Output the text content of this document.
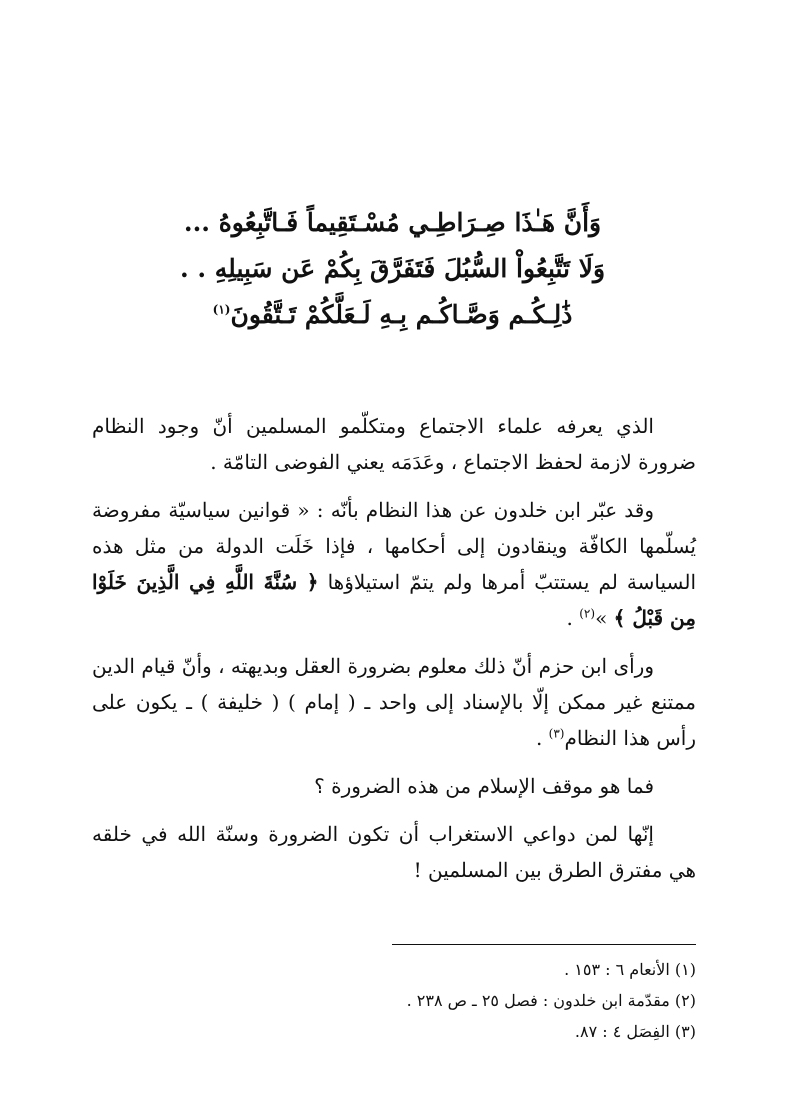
وَأَنَّ هَـٰذَا صِـرَاطِـي مُسْـتَقِيماً فَـاتَّبِعُوهُ ...
وَلَا تَتَّبِعُواْ السُّبُلَ فَتَفَرَّقَ بِكُمْ عَن سَبِيلِهِ . .
ذَٰلِـكُـم وَصَّـاكُـم بِـهِ لَـعَلَّكُمْ تَـتَّقُونَ$^{(١)}$

الذي يعرفه علماء الاجتماع ومتكلّمو المسلمين أنّ وجود النظام ضرورة لازمة لحفظ الاجتماع ، وعَدَمَه يعني الفوضى التامّة .

وقد عبّر ابن خلدون عن هذا النظام بأنّه : « قوانين سياسيّة مفروضة يُسلّمها الكافّة وينقادون إلى أحكامها ، فإذا خَلَت الدولة من مثل هذه السياسة لم يستتبّ أمرها ولم يتمّ استيلاؤها ﴿ سُنَّةَ اللَّهِ فِي الَّذِينَ خَلَوْا مِن قَبْلُ ﴾ »$^{(٢)}$ .

ورأى ابن حزم أنّ ذلك معلوم بضرورة العقل وبديهته ، وأنّ قيام الدين ممتنع غير ممكن إلّا بالإسناد إلى واحد ـ ( إمام ) ( خليفة ) ـ يكون على رأس هذا النظام$^{(٣)}$ .

فما هو موقف الإسلام من هذه الضرورة ؟

إنّها لمن دواعي الاستغراب أن تكون الضرورة وسنّة الله في خلقه هي مفترق الطرق بين المسلمين !

(١) الأنعام ٦ : ١٥٣ .
(٢) مقدّمة ابن خلدون : فصل ٢٥ ـ ص ٢٣٨ .
(٣) الفِصَل ٤ : ٨٧.
